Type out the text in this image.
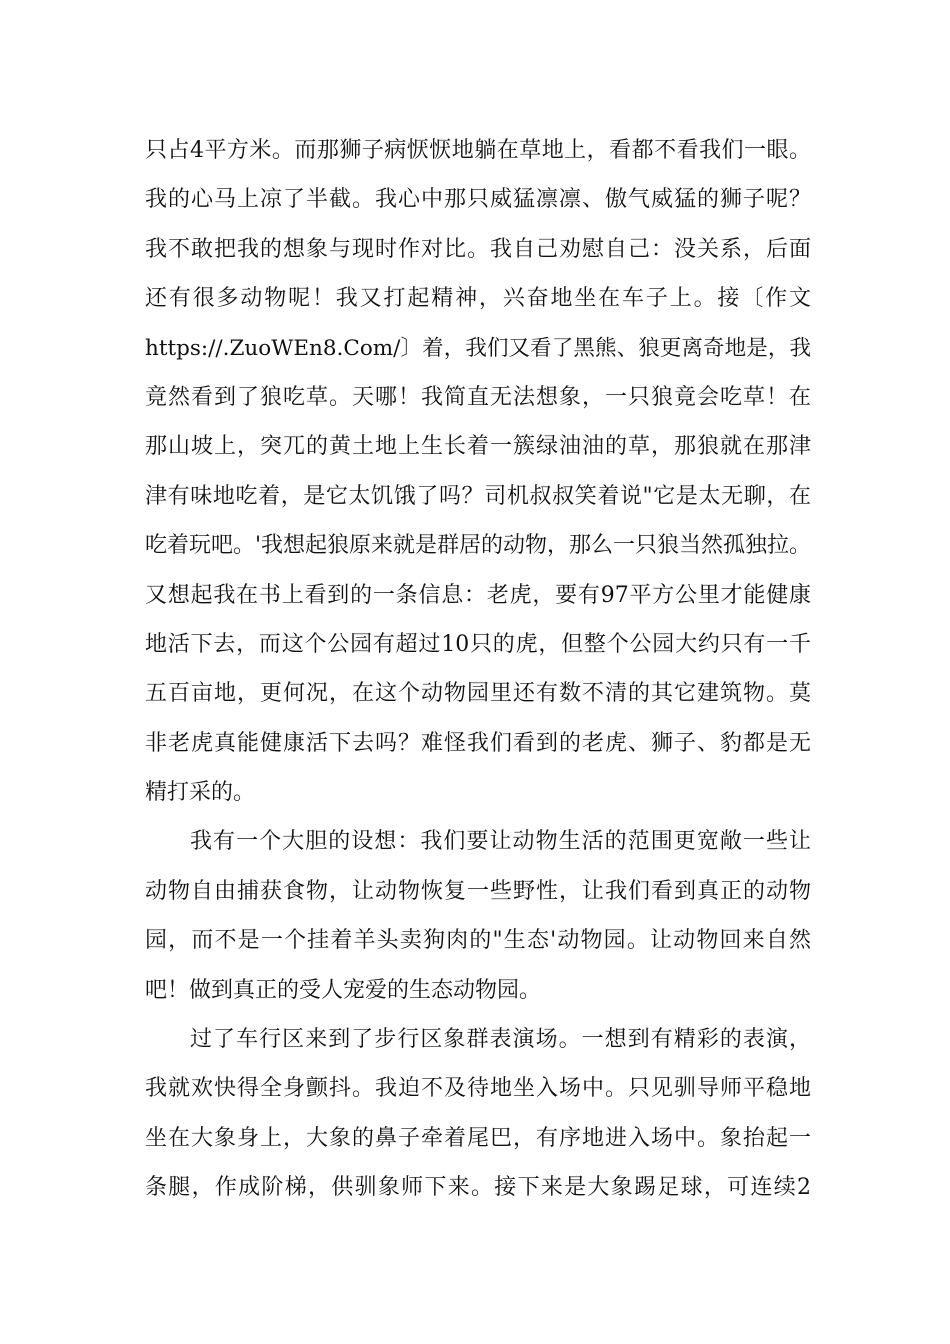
只占4平方米。而那狮子病恹恹地躺在草地上，看都不看我们一眼。
我的心马上凉了半截。我心中那只威猛凛凛、傲气威猛的狮子呢？
我不敢把我的想象与现时作对比。我自己劝慰自己：没关系，后面
还有很多动物呢！我又打起精神，兴奋地坐在车子上。接〔作文
https://.ZuoWEn8.Com/〕着，我们又看了黑熊、狼更离奇地是，我
竟然看到了狼吃草。天哪！我简直无法想象，一只狼竟会吃草！在
那山坡上，突兀的黄土地上生长着一簇绿油油的草，那狼就在那津
津有味地吃着，是它太饥饿了吗？司机叔叔笑着说"它是太无聊，在
吃着玩吧。'我想起狼原来就是群居的动物，那么一只狼当然孤独拉。
又想起我在书上看到的一条信息：老虎，要有97平方公里才能健康
地活下去，而这个公园有超过10只的虎，但整个公园大约只有一千
五百亩地，更何况，在这个动物园里还有数不清的其它建筑物。莫
非老虎真能健康活下去吗？难怪我们看到的老虎、狮子、豹都是无
精打采的。
我有一个大胆的设想：我们要让动物生活的范围更宽敞一些让
动物自由捕获食物，让动物恢复一些野性，让我们看到真正的动物
园，而不是一个挂着羊头卖狗肉的"生态'动物园。让动物回来自然
吧！做到真正的受人宠爱的生态动物园。
过了车行区来到了步行区象群表演场。一想到有精彩的表演，
我就欢快得全身颤抖。我迫不及待地坐入场中。只见驯导师平稳地
坐在大象身上，大象的鼻子牵着尾巴，有序地进入场中。象抬起一
条腿，作成阶梯，供驯象师下来。接下来是大象踢足球，可连续2
